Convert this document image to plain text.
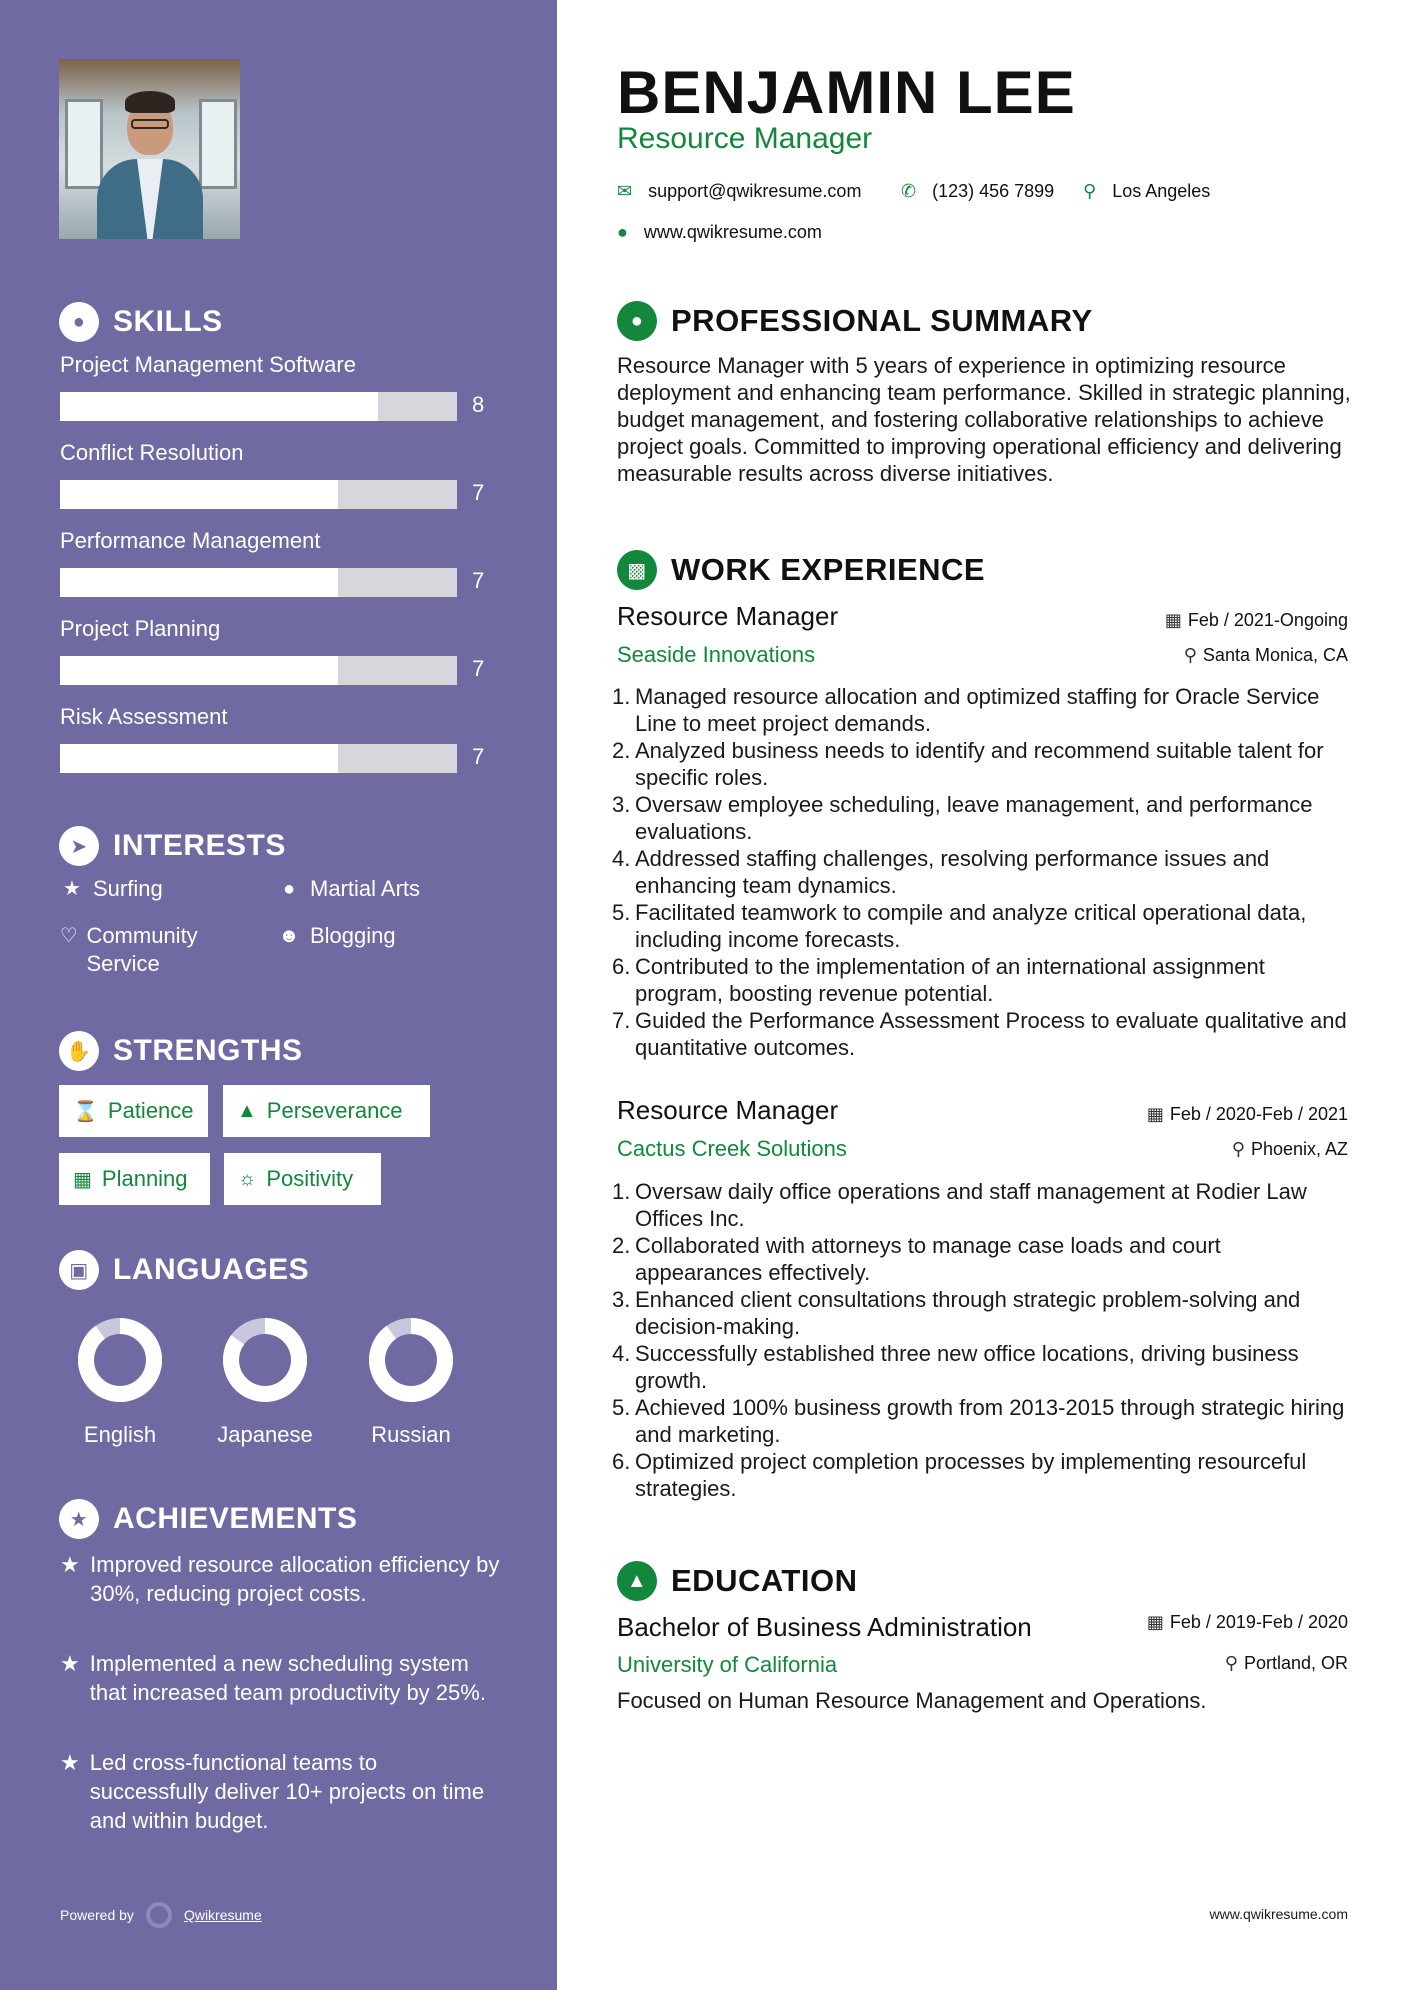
● SKILLS
Project Management Software
8
Conflict Resolution
7
Performance Management
7
Project Planning
7
Risk Assessment
7
➤ INTERESTS
★ Surfing	● Martial Arts
♡ Community Service
☻ Blogging
✋ STRENGTHS
⌛ Patience ▲ Perseverance
▦ Planning	☼ Positivity
▣ LANGUAGES
English	Japanese	Russian
★ ACHIEVEMENTS
★ Improved resource allocation efficiency by 30%, reducing project costs.
★ Implemented a new scheduling system that increased team productivity by 25%.
★ Led cross-functional teams to successfully deliver 10+ projects on time and within budget.
Powered by	Qwikresume
BENJAMIN LEE
Resource Manager
✉ support@qwikresume.com ✆ (123) 456 7899 ⚲ Los Angeles
● www.qwikresume.com
● PROFESSIONAL SUMMARY
Resource Manager with 5 years of experience in optimizing resource deployment and enhancing team performance. Skilled in strategic planning, budget management, and fostering collaborative relationships to achieve project goals. Committed to improving operational efficiency and delivering measurable results across diverse initiatives.
▩ WORK EXPERIENCE
Resource Manager
Seaside Innovations
▦ Feb / 2021-Ongoing
⚲ Santa Monica, CA
1. Managed resource allocation and optimized staffing for Oracle Service Line to meet project demands.
2. Analyzed business needs to identify and recommend suitable talent for specific roles.
3. Oversaw employee scheduling, leave management, and performance evaluations.
4. Addressed staffing challenges, resolving performance issues and enhancing team dynamics.
5. Facilitated teamwork to compile and analyze critical operational data, including income forecasts.
6. Contributed to the implementation of an international assignment program, boosting revenue potential.
7. Guided the Performance Assessment Process to evaluate qualitative and quantitative outcomes.
Resource Manager
Cactus Creek Solutions
▦ Feb / 2020-Feb / 2021
⚲ Phoenix, AZ
1. Oversaw daily office operations and staff management at Rodier Law Offices Inc.
2. Collaborated with attorneys to manage case loads and court appearances effectively.
3. Enhanced client consultations through strategic problem-solving and decision-making.
4. Successfully established three new office locations, driving business growth.
5. Achieved 100% business growth from 2013-2015 through strategic hiring and marketing.
6. Optimized project completion processes by implementing resourceful strategies.
▲ EDUCATION
Bachelor of Business Administration
University of California
▦ Feb / 2019-Feb / 2020
⚲ Portland, OR
Focused on Human Resource Management and Operations.
www.qwikresume.com
